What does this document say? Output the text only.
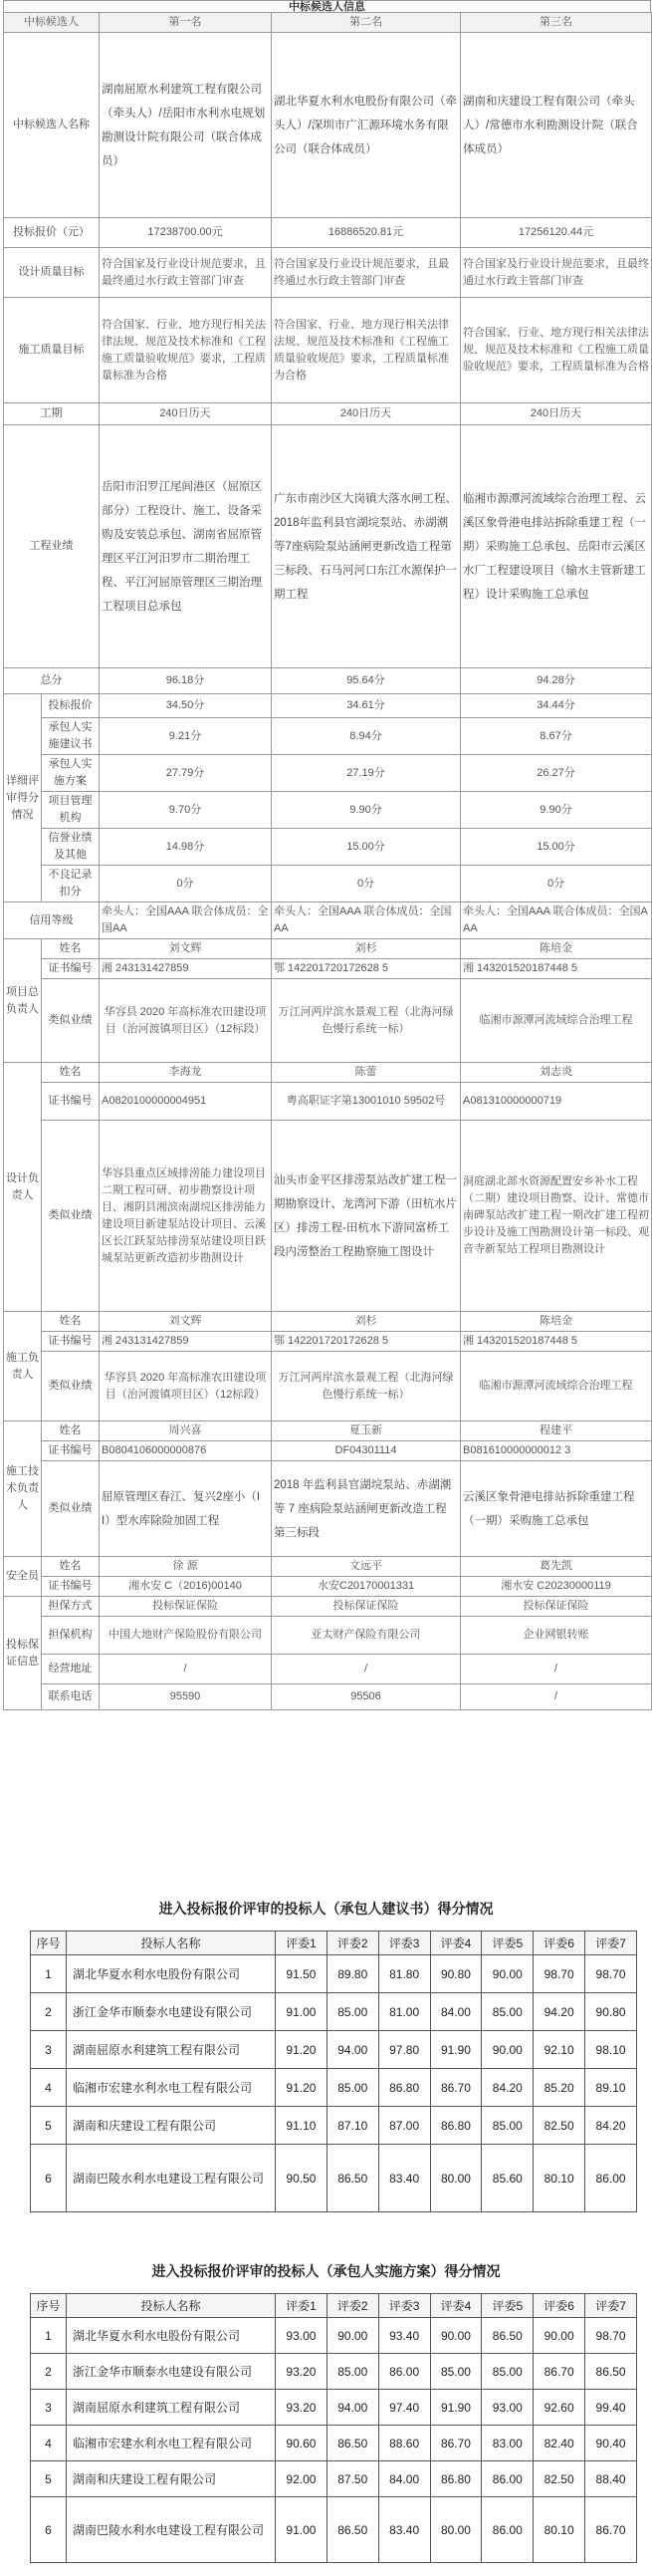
中标候选人信息
中标候选人		第一名	第二名	第三名
中标候选人名称		湖南屈原水利建筑工程有限公司（牵头人）/岳阳市水利水电规划勘测设计院有限公司（联合体成员）	湖北华夏水利水电股份有限公司（牵头人）/深圳市广汇源环境水务有限公司（联合体成员）	湖南和庆建设工程有限公司（牵头人）/常德市水利勘测设计院（联合体成员）
投标报价（元）		17238700.00元	16886520.81元	17256120.44元
设计质量目标		符合国家及行业设计规范要求，且最终通过水行政主管部门审查	符合国家及行业设计规范要求，且最终通过水行政主管部门审查	符合国家及行业设计规范要求，且最终通过水行政主管部门审查
施工质量目标		符合国家、行业、地方现行相关法律法规、规范及技术标准和《工程施工质量验收规范》要求，工程质量标准为合格	符合国家、行业、地方现行相关法律法规、规范及技术标准和《工程施工质量验收规范》要求，工程质量标准为合格	符合国家、行业、地方现行相关法律法规、规范及技术标准和《工程施工质量验收规范》要求，工程质量标准为合格
工期		240日历天	240日历天	240日历天
工程业绩		岳阳市汨罗江尾闾港区（屈原区部分）工程设计、施工、设备采购及安装总承包、湖南省屈原管理区平江河汨罗市二期治理工程、平江河屈原管理区三期治理工程项目总承包	广东市南沙区大岗镇大落水闸工程、2018年监利县官湖垸泵站、赤湖潮等7座病险泵站涵闸更新改造工程第三标段、石马河河口东江水源保护一期工程	临湘市源潭河流域综合治理工程、云溪区象骨港电排站拆除重建工程（一期）采购施工总承包、岳阳市云溪区水厂工程建设项目（输水主管新建工程）设计采购施工总承包
总分		96.18分	95.64分	94.28分
详细评审得分情况	投标报价	34.50分	34.61分	34.44分
	承包人实施建议书	9.21分	8.94分	8.67分
	承包人实施方案	27.79分	27.19分	26.27分
	项目管理机构	9.70分	9.90分	9.90分
	信誉业绩及其他	14.98分	15.00分	15.00分
	不良记录扣分	0分	0分	0分
信用等级		牵头人：全国AAA 联合体成员：全国AA	牵头人：全国AAA 联合体成员：全国AA	牵头人：全国AAA 联合体成员：全国AAA
项目总负责人	姓名	刘文辉	刘杉	陈培金
	证书编号	湘 243131427859	鄂 142201720172628 5	湘 143201520187448 5
	类似业绩	华容县 2020 年高标准农田建设项目（治河渡镇项目区）（12标段）	万江河两岸滨水景观工程（北海河绿色慢行系统一标）	临湘市源潭河流域综合治理工程
设计负责人	姓名	李海龙	陈蕾	刘志炎
	证书编号	A0820100000004951	粤高职证字第13001010 59502号	A081310000000719
	类似业绩	华容县重点区域排涝能力建设项目二期工程可研、初步勘察设计项目、湘阴县湘滨南湖垸区排涝能力建设项目新建泵站设计项目、云溪区长江跃泵站排涝泵站建设项目跃城泵站更新改造初步勘测设计	汕头市金平区排涝泵站改扩建工程一期勘察设计、龙湾河下游（田杭水片区）排涝工程-田杭水下游同富桥工段内涝整治工程勘察施工图设计	洞庭湖北部水资源配置安乡补水工程（二期）建设项目勘察、设计、常德市南碑泵站改扩建工程一期改扩建工程初步设计及施工图勘测设计第一标段、观音寺新泵站工程项目勘测设计
施工负责人	姓名	刘文辉	刘杉	陈培金
	证书编号	湘 243131427859	鄂 142201720172628 5	湘 143201520187448 5
	类似业绩	华容县 2020 年高标准农田建设项目（治河渡镇项目区）（12标段）	万江河两岸滨水景观工程（北海河绿色慢行系统一标）	临湘市源潭河流域综合治理工程
施工技术负责人	姓名	周兴喜	夏玉新	程建平
	证书编号	B0804106000000876	DF04301114	B081610000000012 3
	类似业绩	屈原管理区春江、复兴2座小（II）型水库除险加固工程	2018 年监利县官湖垸泵站、赤湖潮等 7 座病险泵站涵闸更新改造工程第三标段	云溪区象骨港电排站拆除重建工程（一期）采购施工总承包
安全员	姓名	徐 源	文远平	葛先凯
	证书编号	湘水安 C（2016)00140	水安C20170001331	湘水安 C20230000119
投标保证信息	担保方式	投标保证保险	投标保证保险	投标保证保险
	担保机构	中国大地财产保险股份有限公司	亚太财产保险有限公司	企业网银转账
	经营地址	/	/	/
	联系电话	95590	95506	/
进入投标报价评审的投标人（承包人建议书）得分情况
序号	投标人名称	评委1	评委2	评委3	评委4	评委5	评委6	评委7
1	湖北华夏水利水电股份有限公司	91.50	89.80	81.80	90.80	90.00	98.70	98.70
2	浙江金华市顺泰水电建设有限公司	91.00	85.00	81.00	84.00	85.00	94.20	90.80
3	湖南屈原水利建筑工程有限公司	91.20	94.00	97.80	91.90	90.00	92.10	98.10
4	临湘市宏建水利水电工程有限公司	91.20	85.00	86.80	86.70	84.20	85.20	89.10
5	湖南和庆建设工程有限公司	91.10	87.10	87.00	86.80	85.00	82.50	84.20
6	湖南巴陵水利水电建设工程有限公司	90.50	86.50	83.40	80.00	85.60	80.10	86.00
进入投标报价评审的投标人（承包人实施方案）得分情况
序号	投标人名称	评委1	评委2	评委3	评委4	评委5	评委6	评委7
1	湖北华夏水利水电股份有限公司	93.00	90.00	93.40	90.00	86.50	90.00	98.70
2	浙江金华市顺泰水电建设有限公司	93.20	85.00	86.00	85.00	85.00	86.70	86.50
3	湖南屈原水利建筑工程有限公司	93.20	94.00	97.40	91.90	93.00	92.60	99.40
4	临湘市宏建水利水电工程有限公司	90.60	86.50	88.60	86.70	83.00	82.40	90.40
5	湖南和庆建设工程有限公司	92.00	87.50	84.00	86.80	86.00	82.50	88.40
6	湖南巴陵水利水电建设工程有限公司	91.00	86.50	83.40	80.00	86.00	80.10	86.70
